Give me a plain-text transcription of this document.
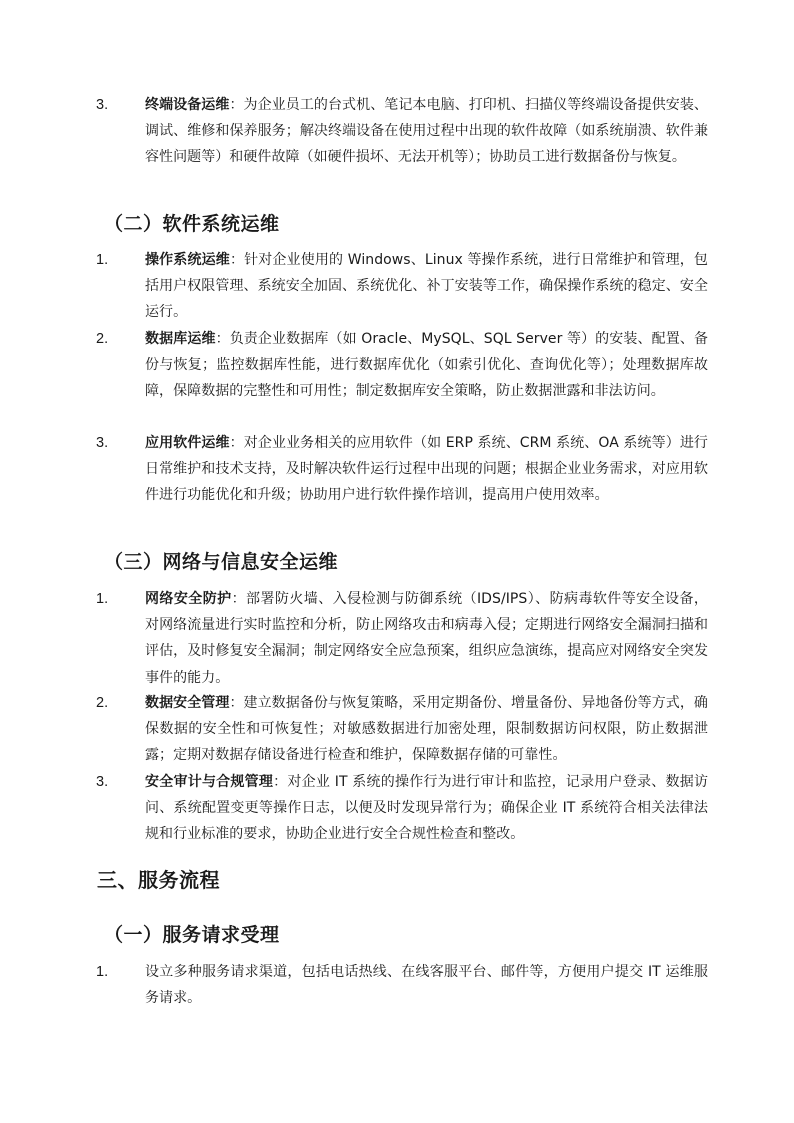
3.	终端设备运维：为企业员工的台式机、笔记本电脑、打印机、扫描仪等终端设备提供安装、调试、维修和保养服务；解决终端设备在使用过程中出现的软件故障（如系统崩溃、软件兼容性问题等）和硬件故障（如硬件损坏、无法开机等）；协助员工进行数据备份与恢复。
（二）软件系统运维
1.	操作系统运维：针对企业使用的 Windows、Linux 等操作系统，进行日常维护和管理，包括用户权限管理、系统安全加固、系统优化、补丁安装等工作，确保操作系统的稳定、安全运行。
2.	数据库运维：负责企业数据库（如 Oracle、MySQL、SQL Server 等）的安装、配置、备份与恢复；监控数据库性能，进行数据库优化（如索引优化、查询优化等）；处理数据库故障，保障数据的完整性和可用性；制定数据库安全策略，防止数据泄露和非法访问。
3.	应用软件运维：对企业业务相关的应用软件（如 ERP 系统、CRM 系统、OA 系统等）进行日常维护和技术支持，及时解决软件运行过程中出现的问题；根据企业业务需求，对应用软件进行功能优化和升级；协助用户进行软件操作培训，提高用户使用效率。
（三）网络与信息安全运维
1.	网络安全防护：部署防火墙、入侵检测与防御系统（IDS/IPS）、防病毒软件等安全设备，对网络流量进行实时监控和分析，防止网络攻击和病毒入侵；定期进行网络安全漏洞扫描和评估，及时修复安全漏洞；制定网络安全应急预案，组织应急演练，提高应对网络安全突发事件的能力。
2.	数据安全管理：建立数据备份与恢复策略，采用定期备份、增量备份、异地备份等方式，确保数据的安全性和可恢复性；对敏感数据进行加密处理，限制数据访问权限，防止数据泄露；定期对数据存储设备进行检查和维护，保障数据存储的可靠性。
3.	安全审计与合规管理：对企业 IT 系统的操作行为进行审计和监控，记录用户登录、数据访问、系统配置变更等操作日志，以便及时发现异常行为；确保企业 IT 系统符合相关法律法规和行业标准的要求，协助企业进行安全合规性检查和整改。
三、服务流程
（一）服务请求受理
1.	设立多种服务请求渠道，包括电话热线、在线客服平台、邮件等，方便用户提交 IT 运维服务请求。
